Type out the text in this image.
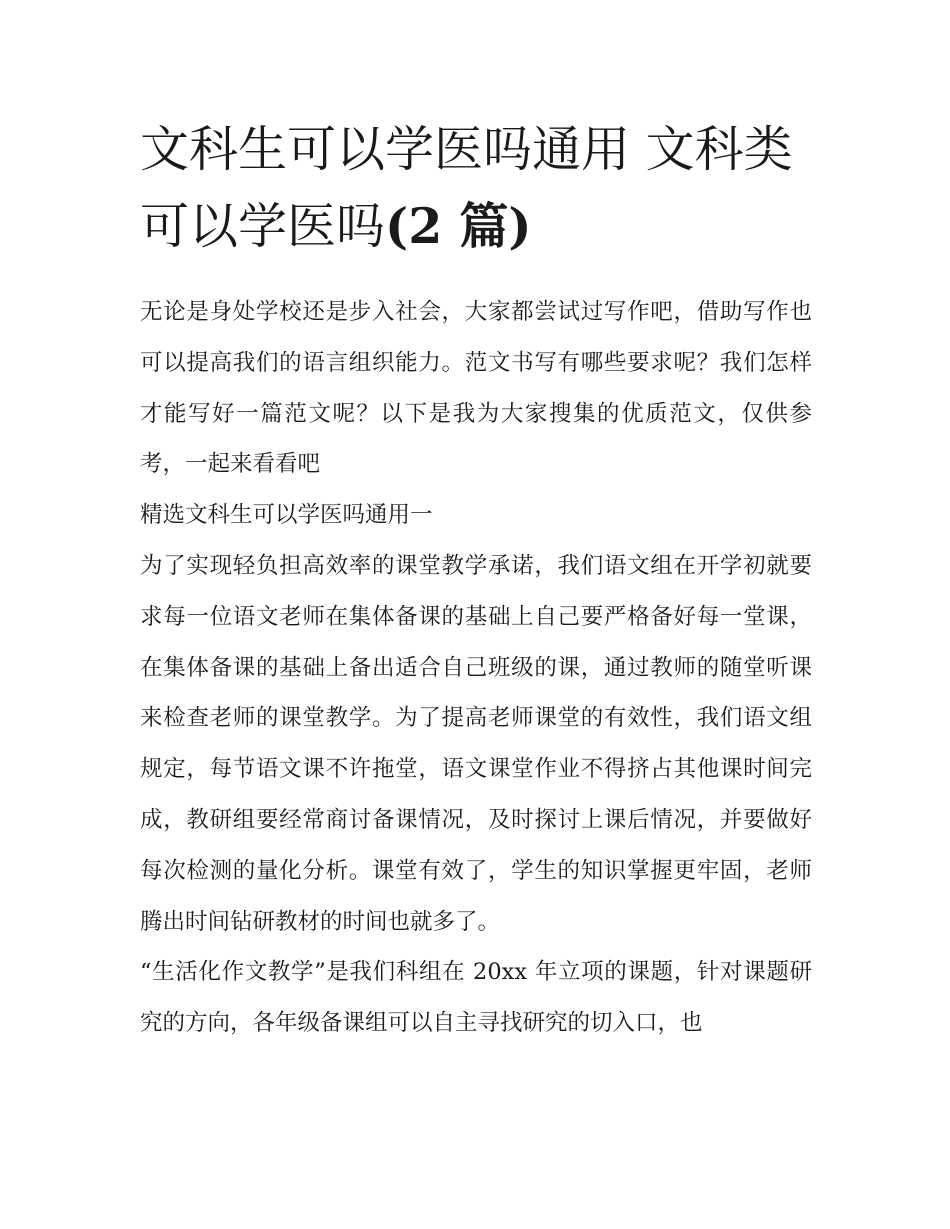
文科生可以学医吗通用 文科类可以学医吗(2 篇)

无论是身处学校还是步入社会，大家都尝试过写作吧，借助写作也可以提高我们的语言组织能力。范文书写有哪些要求呢？我们怎样才能写好一篇范文呢？以下是我为大家搜集的优质范文，仅供参考，一起来看看吧

精选文科生可以学医吗通用一

为了实现轻负担高效率的课堂教学承诺，我们语文组在开学初就要求每一位语文老师在集体备课的基础上自己要严格备好每一堂课，在集体备课的基础上备出适合自己班级的课，通过教师的随堂听课来检查老师的课堂教学。为了提高老师课堂的有效性，我们语文组规定，每节语文课不许拖堂，语文课堂作业不得挤占其他课时间完成，教研组要经常商讨备课情况，及时探讨上课后情况，并要做好每次检测的量化分析。课堂有效了，学生的知识掌握更牢固，老师腾出时间钻研教材的时间也就多了。

“生活化作文教学”是我们科组在 20xx 年立项的课题，针对课题研究的方向，各年级备课组可以自主寻找研究的切入口，也
